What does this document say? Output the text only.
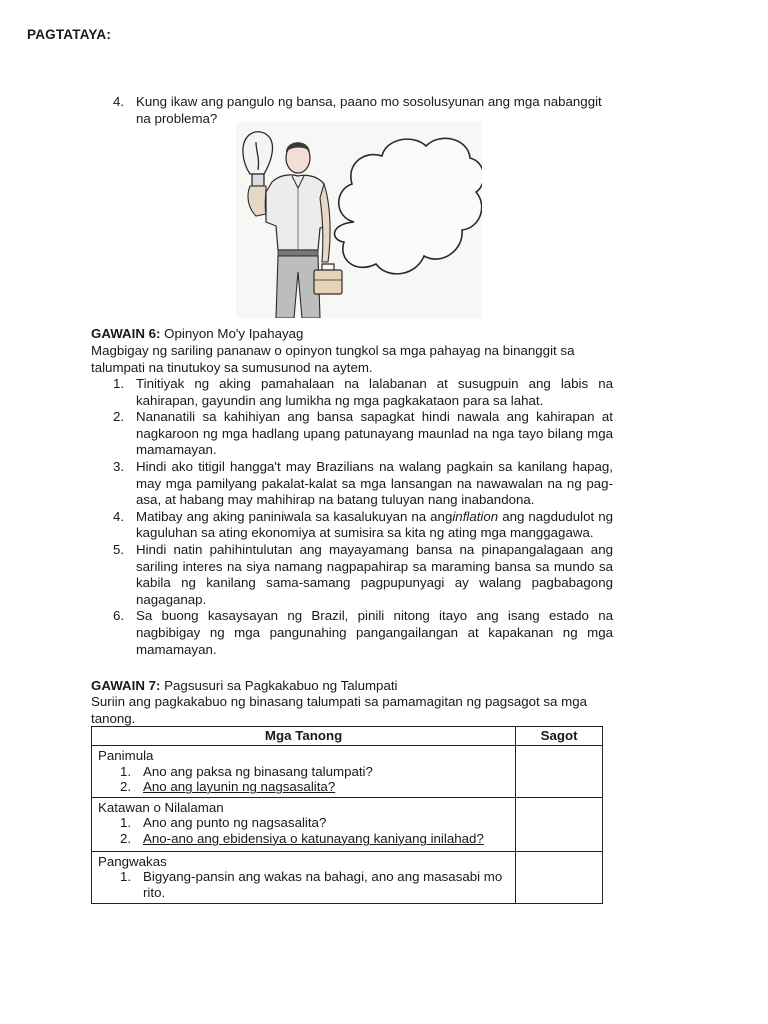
PAGTATAYA:
4. Kung ikaw ang pangulo ng bansa, paano mo sosolusyunan ang mga nabanggit
na problema?
GAWAIN 6: Opinyon Mo'y Ipahayag
Magbigay ng sariling pananaw o opinyon tungkol sa mga pahayag na binanggit sa
talumpati na tinutukoy sa sumusunod na aytem.
1. Tinitiyak ng aking pamahalaan na lalabanan at susugpuin ang labis na kahirapan, gayundin ang lumikha ng mga pagkakataon para sa lahat.
2. Nananatili sa kahihiyan ang bansa sapagkat hindi nawala ang kahirapan at nagkaroon ng mga hadlang upang patunayang maunlad na nga tayo bilang mga mamamayan.
3. Hindi ako titigil hangga't may Brazilians na walang pagkain sa kanilang hapag, may mga pamilyang pakalat-kalat sa mga lansangan na nawawalan na ng pag-asa, at habang may mahihirap na batang tuluyan nang inabandona.
4. Matibay ang aking paniniwala sa kasalukuyan na anginflation ang nagdudulot ng kaguluhan sa ating ekonomiya at sumisira sa kita ng ating mga manggagawa.
5. Hindi natin pahihintulutan ang mayayamang bansa na pinapangalagaan ang sariling interes na siya namang nagpapahirap sa maraming bansa sa mundo sa kabila ng kanilang sama-samang pagpupunyagi ay walang pagbabagong nagaganap.
6. Sa buong kasaysayan ng Brazil, pinili nitong itayo ang isang estado na nagbibigay ng mga pangunahing pangangailangan at kapakanan ng mga mamamayan.
GAWAIN 7: Pagsusuri sa Pagkakabuo ng Talumpati
Suriin ang pagkakabuo ng binasang talumpati sa pamamagitan ng pagsagot sa mga
tanong.
Mga Tanong	Sagot

Panimula
1. Ano ang paksa ng binasang talumpati?
2. Ano ang layunin ng nagsasalita?	

Katawan o Nilalaman
1. Ano ang punto ng nagsasalita?
2. Ano-ano ang ebidensiya o katunayang kaniyang inilahad?	

Pangwakas
1. Bigyang-pansin ang wakas na bahagi, ano ang masasabi mo rito.	
